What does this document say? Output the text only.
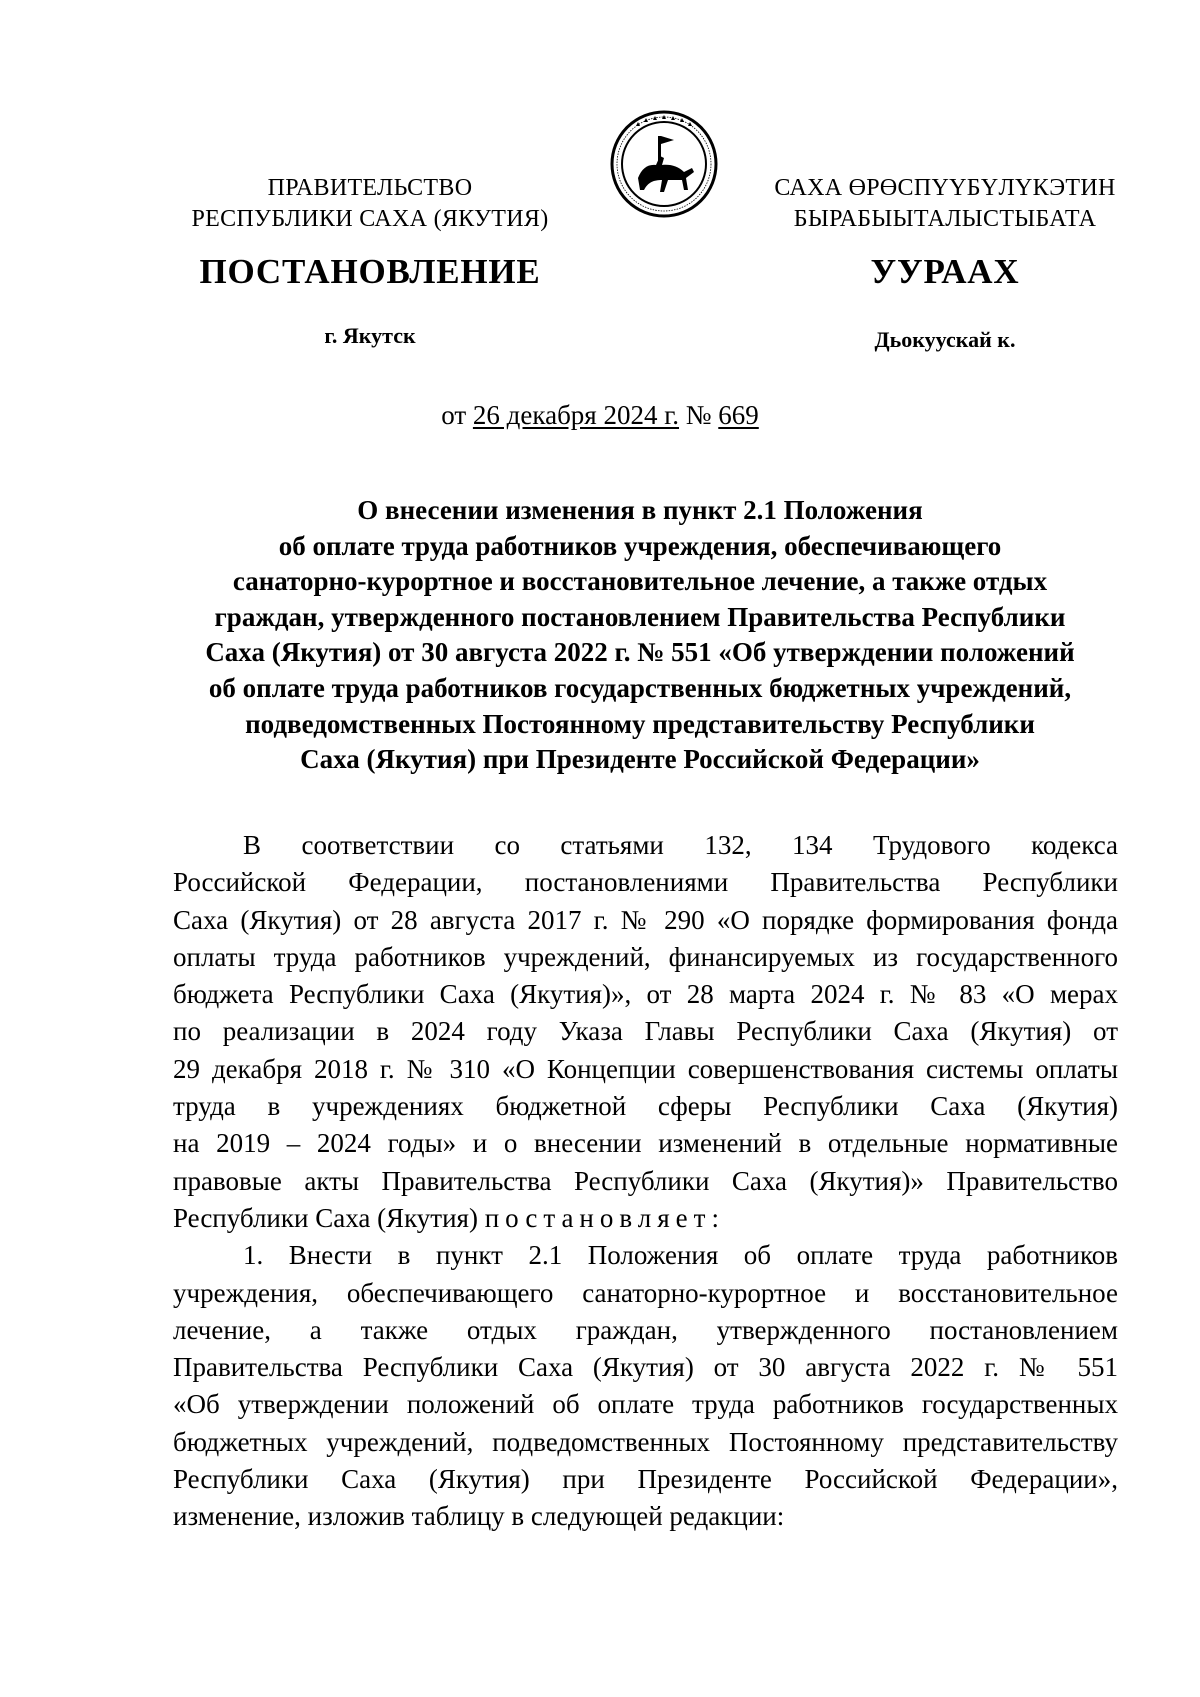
ПРАВИТЕЛЬСТВО
РЕСПУБЛИКИ САХА (ЯКУТИЯ)
САХА ӨРӨСПҮҮБҮЛҮКЭТИН
БЫРАБЫЫТАЛЫСТЫБАТА
ПОСТАНОВЛЕНИЕ	УУРААХ
г. Якутск	Дьокуускай к.
от 26 декабря 2024 г. № 669
О внесении изменения в пункт 2.1 Положения
об оплате труда работников учреждения, обеспечивающего
санаторно-курортное и восстановительное лечение, а также отдых
граждан, утвержденного постановлением Правительства Республики
Саха (Якутия) от 30 августа 2022 г. № 551 «Об утверждении положений
об оплате труда работников государственных бюджетных учреждений,
подведомственных Постоянному представительству Республики
Саха (Якутия) при Президенте Российской Федерации»
В соответствии со статьями 132, 134 Трудового кодекса
Российской Федерации, постановлениями Правительства Республики
Саха (Якутия) от 28 августа 2017 г. № 290 «О порядке формирования фонда
оплаты труда работников учреждений, финансируемых из государственного
бюджета Республики Саха (Якутия)», от 28 марта 2024 г. № 83 «О мерах
по реализации в 2024 году Указа Главы Республики Саха (Якутия) от
29 декабря 2018 г. № 310 «О Концепции совершенствования системы оплаты
труда в учреждениях бюджетной сферы Республики Саха (Якутия)
на 2019 – 2024 годы» и о внесении изменений в отдельные нормативные
правовые акты Правительства Республики Саха (Якутия)» Правительство
Республики Саха (Якутия) постановляет:
1. Внести в пункт 2.1 Положения об оплате труда работников
учреждения, обеспечивающего санаторно-курортное и восстановительное
лечение, а также отдых граждан, утвержденного постановлением
Правительства Республики Саха (Якутия) от 30 августа 2022 г. № 551
«Об утверждении положений об оплате труда работников государственных
бюджетных учреждений, подведомственных Постоянному представительству
Республики Саха (Якутия) при Президенте Российской Федерации»,
изменение, изложив таблицу в следующей редакции:
